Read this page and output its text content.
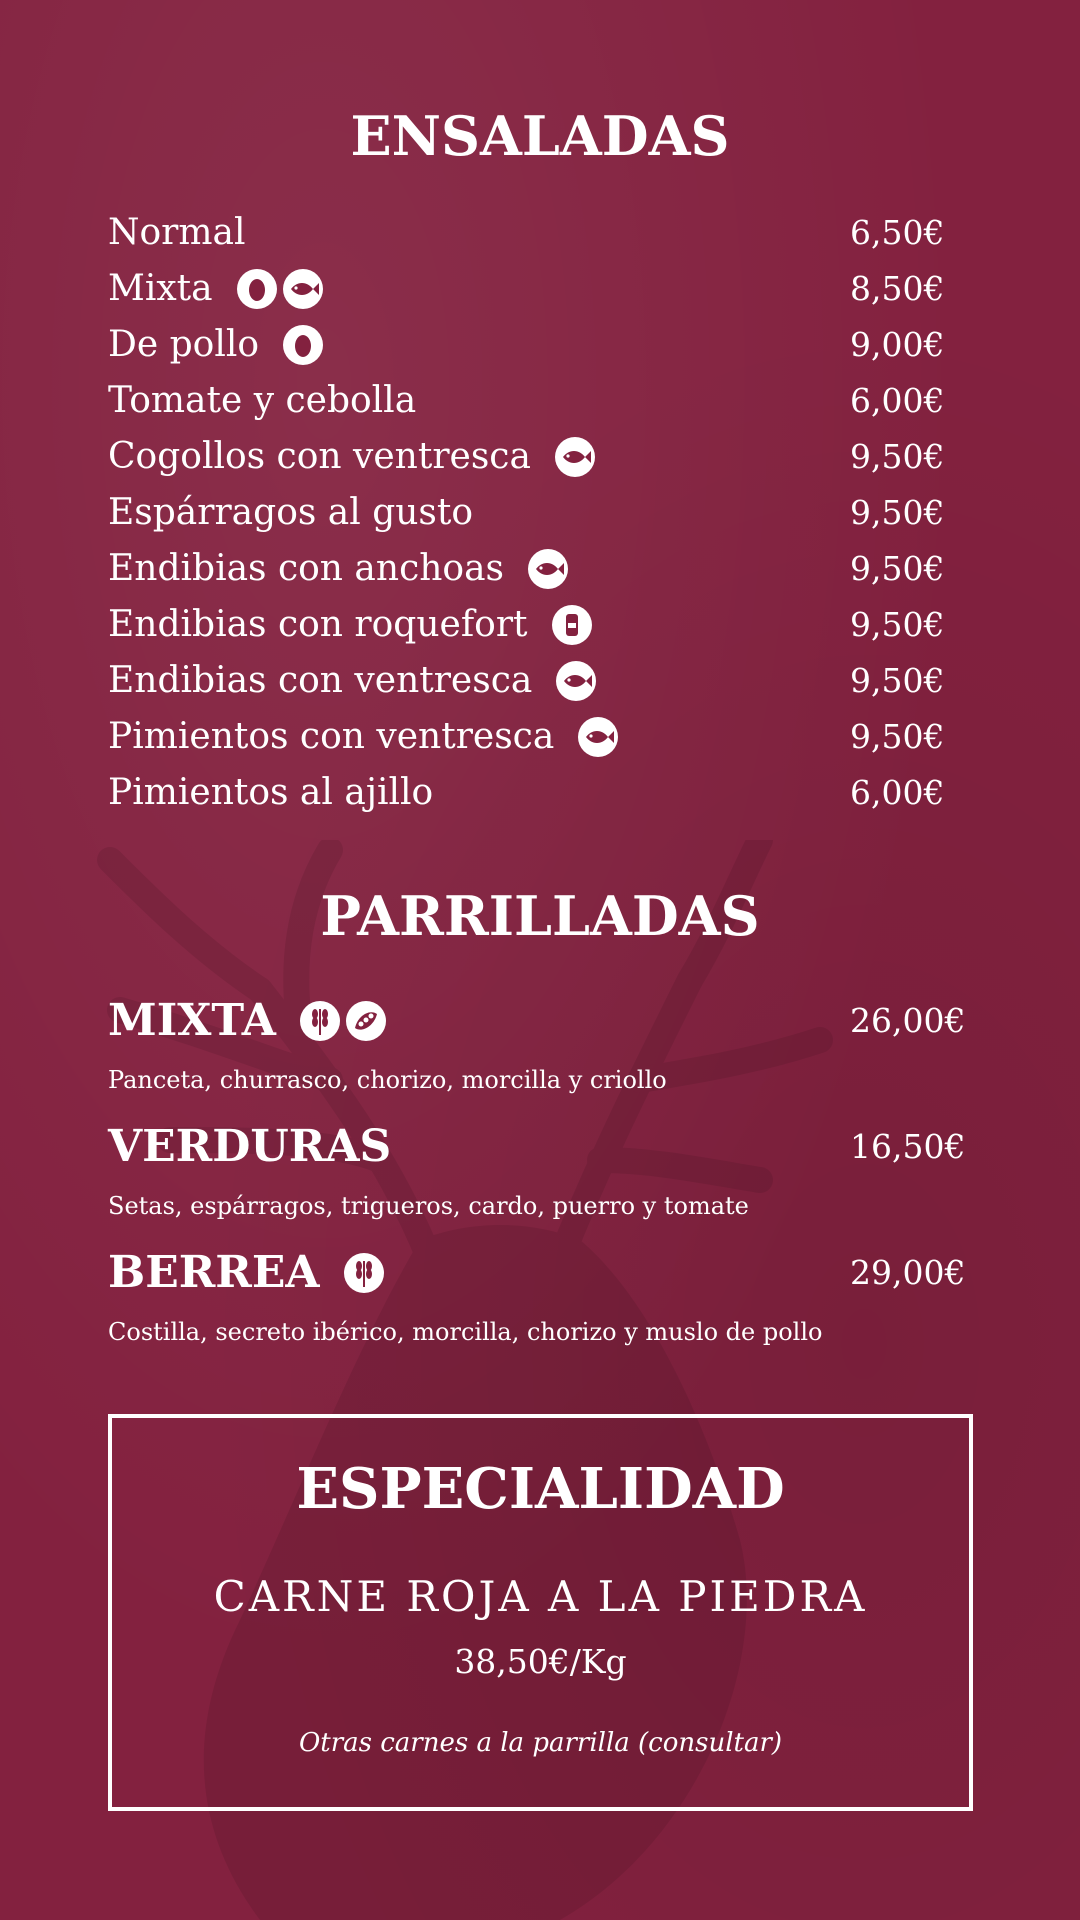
ENSALADAS
Normal	6,50€
Mixta	8,50€
De pollo	9,00€
Tomate y cebolla	6,00€
Cogollos con ventresca	9,50€
Espárragos al gusto	9,50€
Endibias con anchoas	9,50€
Endibias con roquefort	9,50€
Endibias con ventresca	9,50€
Pimientos con ventresca	9,50€
Pimientos al ajillo	6,00€
PARRILLADAS
MIXTA	26,00€
Panceta, churrasco, chorizo, morcilla y criollo
VERDURAS	16,50€
Setas, espárragos, trigueros, cardo, puerro y tomate
BERREA	29,00€
Costilla, secreto ibérico, morcilla, chorizo y muslo de pollo
ESPECIALIDAD
CARNE ROJA A LA PIEDRA
38,50€/Kg
Otras carnes a la parrilla (consultar)
